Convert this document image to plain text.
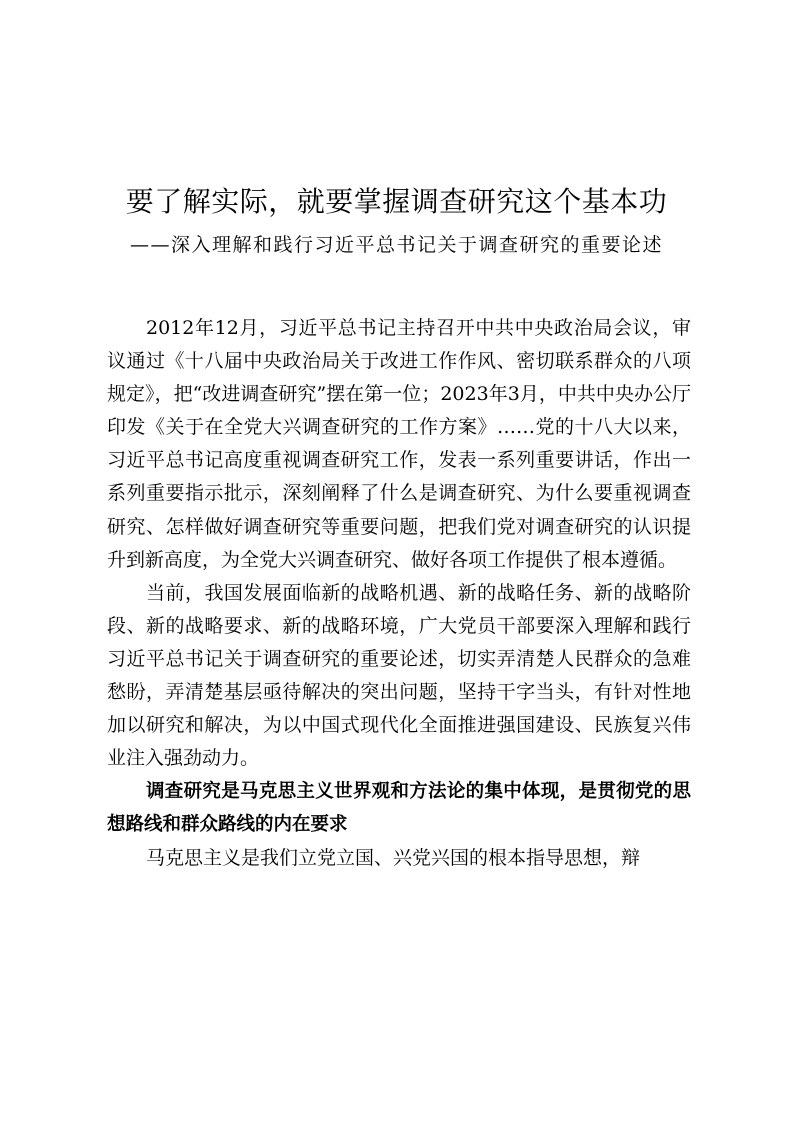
要了解实际，就要掌握调查研究这个基本功
——深入理解和践行习近平总书记关于调查研究的重要论述

2012年12月，习近平总书记主持召开中共中央政治局会议，审议通过《十八届中央政治局关于改进工作作风、密切联系群众的八项规定》，把“改进调查研究”摆在第一位；2023年3月，中共中央办公厅印发《关于在全党大兴调查研究的工作方案》……党的十八大以来，习近平总书记高度重视调查研究工作，发表一系列重要讲话，作出一系列重要指示批示，深刻阐释了什么是调查研究、为什么要重视调查研究、怎样做好调查研究等重要问题，把我们党对调查研究的认识提升到新高度，为全党大兴调查研究、做好各项工作提供了根本遵循。

当前，我国发展面临新的战略机遇、新的战略任务、新的战略阶段、新的战略要求、新的战略环境，广大党员干部要深入理解和践行习近平总书记关于调查研究的重要论述，切实弄清楚人民群众的急难愁盼，弄清楚基层亟待解决的突出问题，坚持干字当头，有针对性地加以研究和解决，为以中国式现代化全面推进强国建设、民族复兴伟业注入强劲动力。

调查研究是马克思主义世界观和方法论的集中体现，是贯彻党的思想路线和群众路线的内在要求

马克思主义是我们立党立国、兴党兴国的根本指导思想，辩
